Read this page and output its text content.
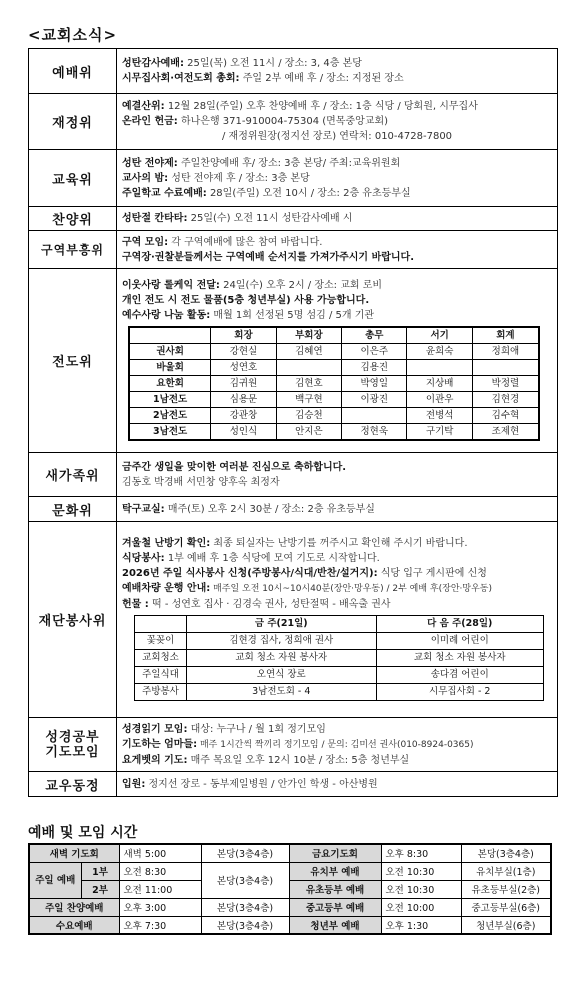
<교회소식>
예배위	
성탄감사예배: 25일(목) 오전 11시 / 장소: 3, 4층 본당
시무집사회·여전도회 총회: 주일 2부 예배 후 / 장소: 지정된 장소

재정위	
예결산위: 12월 28일(주일) 오후 찬양예배 후 / 장소: 1층 식당 / 당회원, 시무집사
온라인 헌금: 하나은행 371-910004-75304 (면목중앙교회)
/ 재정위원장(정지선 장로) 연락처: 010-4728-7800

교육위	
성탄 전야제: 주일찬양예배 후/ 장소: 3층 본당/ 주최:교육위원회
교사의 밤: 성탄 전야제 후 / 장소: 3층 본당
주일학교 수료예배: 28일(주일) 오전 10시 / 장소: 2층 유초등부실

찬양위	성탄절 칸타타: 25일(수) 오전 11시 성탄감사예배 시

구역부흥위	
구역 모임: 각 구역예배에 많은 참여 바랍니다.
구역장·권찰분들께서는 구역예배 순서지를 가져가주시기 바랍니다.

전도위	
이웃사랑 롤케익 전달: 24일(수) 오후 2시 / 장소: 교회 로비
개인 전도 시 전도 물품(5층 청년부실) 사용 가능합니다.
예수사랑 나눔 활동: 매월 1회 선정된 5명 섬김 / 5개 기관
	회장	부회장	총무	서기	회계
권사회	강현실	김혜연	이은주	윤희숙	정희애
바울회	성연호		김용진		
요한회	김귀원	김현호	박영일	지상배	박정렬
1남전도	심용문	백구현	이광진	이관우	김현경
2남전도	강관창	김승천		전병석	김수혁
3남전도	성인식	안지은	정현욱	구기탁	조제현

새가족위	
금주간 생일을 맞이한 여러분 진심으로 축하합니다.
김동호 박경배 서민창 양후옥 최정자

문화위	탁구교실: 매주(토) 오후 2시 30분 / 장소: 2층 유초등부실

재단봉사위	
겨울철 난방기 확인: 최종 퇴실자는 난방기를 꺼주시고 확인해 주시기 바랍니다.
식당봉사: 1부 예배 후 1층 식당에 모여 기도로 시작합니다.
2026년 주일 식사봉사 신청(주방봉사/식대/반찬/설거지): 식당 입구 게시판에 신청
예배차량 운행 안내: 매주일 오전 10시~10시40분(장안·망우동) / 2부 예배 후(장안·망우동)
헌물 : 떡 - 성연호 집사 · 김경숙 권사, 성탄절떡 - 배옥출 권사
	금 주(21일)	다 음 주(28일)
꽃꽂이	김현경 집사, 정희애 권사	이미례 어린이
교회청소	교회 청소 자원 봉사자	교회 청소 자원 봉사자
주일식대	오연식 장로	송다겸 어린이
주방봉사	3남전도회 - 4	시무집사회 - 2

성경공부
기도모임

성경읽기 모임: 대상: 누구나 / 월 1회 정기모임
기도하는 엄마들: 매주 1시간씩 짝끼리 정기모임 / 문의: 김미선 권사(010-8924-0365)
요게벳의 기도: 매주 목요일 오후 12시 10분 / 장소: 5층 청년부실

교우동정	입원: 정지선 장로 - 동부제일병원 / 안가인 학생 - 아산병원
예배 및 모임 시간
새벽 기도회		새벽 5:00	본당(3층4층)	금요기도회	오후 8:30	본당(3층4층)
주일 예배	1부	오전 8:30	본당(3층4층)	유치부 예배	오전 10:30	유치부실(1층)
	2부	오전 11:00		유초등부 예배	오전 10:30	유초등부실(2층)
주일 찬양예배		오후 3:00	본당(3층4층)	중고등부 예배	오전 10:00	중고등부실(6층)
수요예배		오후 7:30	본당(3층4층)	청년부 예배	오후 1:30	청년부실(6층)
